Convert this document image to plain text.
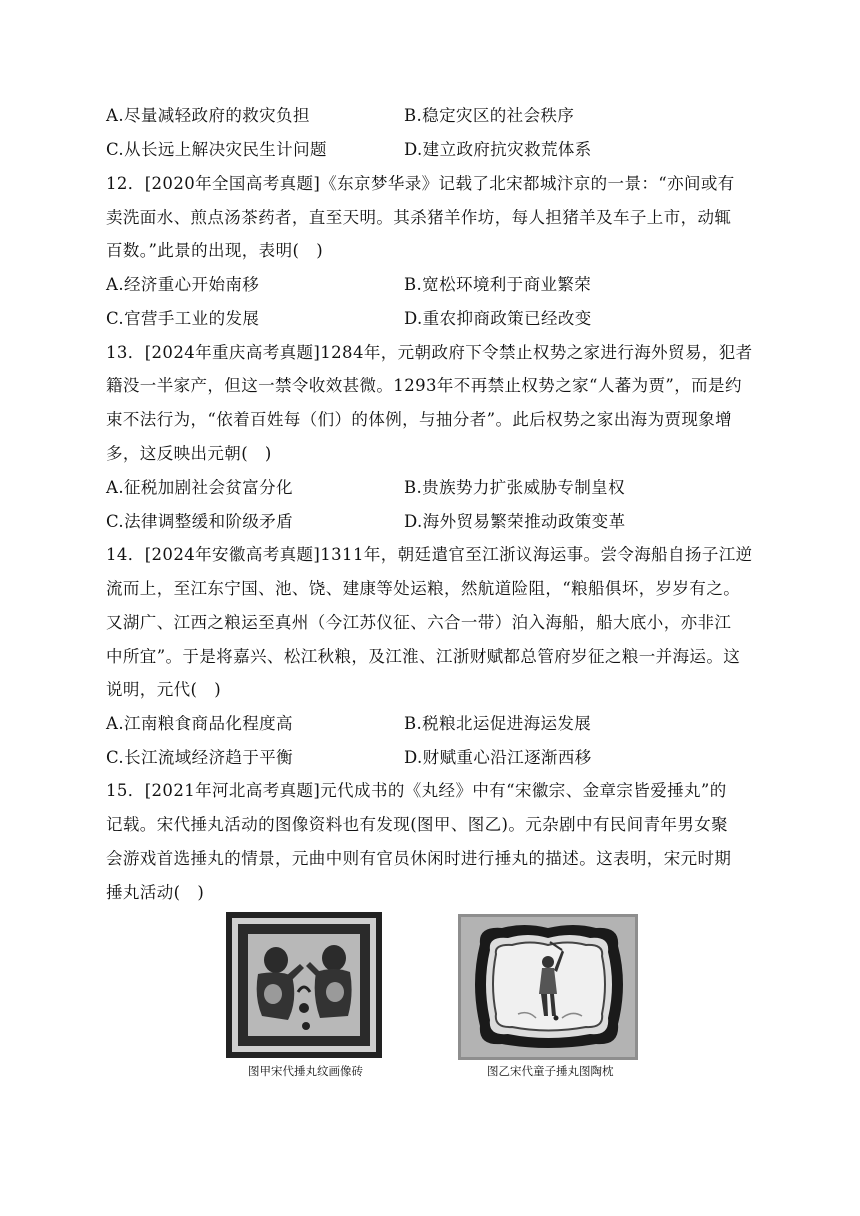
A.尽量减轻政府的救灾负担	B.稳定灾区的社会秩序
C.从长远上解决灾民生计问题	D.建立政府抗灾救荒体系
12．[2020年全国高考真题]《东京梦华录》记载了北宋都城汴京的一景：“亦间或有
卖洗面水、煎点汤茶药者，直至天明。其杀猪羊作坊，每人担猪羊及车子上市，动辄
百数。”此景的出现，表明( )
A.经济重心开始南移	B.宽松环境利于商业繁荣
C.官营手工业的发展	D.重农抑商政策已经改变
13．[2024年重庆高考真题]1284年，元朝政府下令禁止权势之家进行海外贸易，犯者
籍没一半家产，但这一禁令收效甚微。1293年不再禁止权势之家“人蕃为贾”，而是约
束不法行为，“依着百姓每（们）的体例，与抽分者”。此后权势之家出海为贾现象增
多，这反映出元朝( )
A.征税加剧社会贫富分化	B.贵族势力扩张威胁专制皇权
C.法律调整缓和阶级矛盾	D.海外贸易繁荣推动政策变革
14．[2024年安徽高考真题]1311年，朝廷遣官至江浙议海运事。尝令海船自扬子江逆
流而上，至江东宁国、池、饶、建康等处运粮，然航道险阻，“粮船俱坏，岁岁有之。
又湖广、江西之粮运至真州（今江苏仪征、六合一带）泊入海船，船大底小，亦非江
中所宜”。于是将嘉兴、松江秋粮，及江淮、江浙财赋都总管府岁征之粮一并海运。这
说明，元代( )
A.江南粮食商品化程度高	B.税粮北运促进海运发展
C.长江流域经济趋于平衡	D.财赋重心沿江逐渐西移
15．[2021年河北高考真题]元代成书的《丸经》中有“宋徽宗、金章宗皆爱捶丸”的
记载。宋代捶丸活动的图像资料也有发现(图甲、图乙)。元杂剧中有民间青年男女聚
会游戏首选捶丸的情景，元曲中则有官员休闲时进行捶丸的描述。这表明，宋元时期
捶丸活动( )
图甲宋代捶丸纹画像砖	图乙宋代童子捶丸图陶枕
